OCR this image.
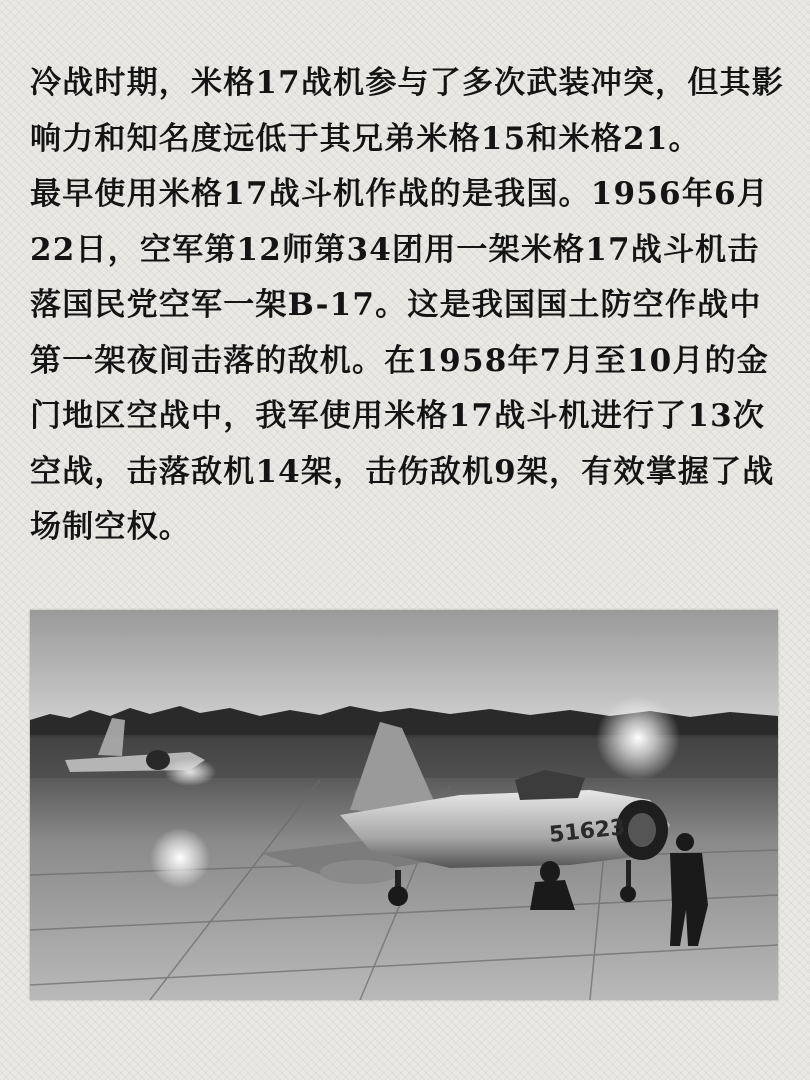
冷战时期，米格17战机参与了多次武装冲突，但其影响力和知名度远低于其兄弟米格15和米格21。

最早使用米格17战斗机作战的是我国。1956年6月22日，空军第12师第34团用一架米格17战斗机击落国民党空军一架B-17。这是我国国土防空作战中第一架夜间击落的敌机。在1958年7月至10月的金门地区空战中，我军使用米格17战斗机进行了13次空战，击落敌机14架，击伤敌机9架，有效掌握了战场制空权。

51623
